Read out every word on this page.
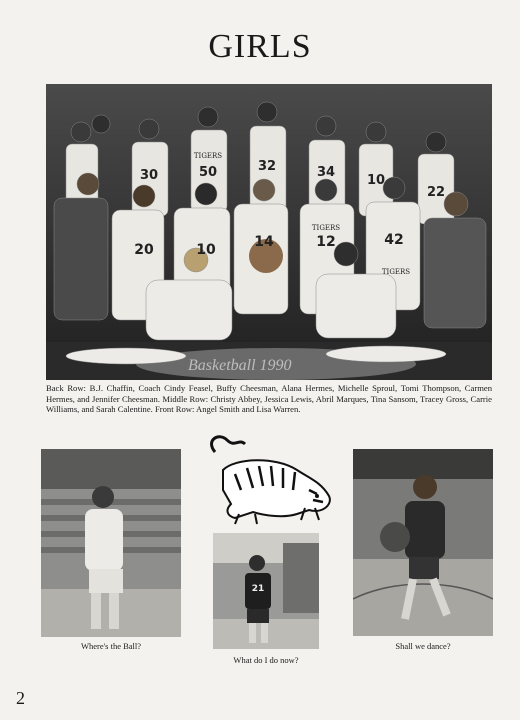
GIRLS
30	50	32	34
10
22
20	10	14	12	42
TIGERS
TIGERS
TIGERS
Basketball 1990
Back Row: B.J. Chaffin, Coach Cindy Feasel, Buffy Cheesman, Alana Hermes, Michelle Sproul, Tomi Thompson, Carmen Hermes, and Jennifer Cheesman. Middle Row: Christy Abbey, Jessica Lewis, Abril Marques, Tina Sansom, Tracey Gross, Carrie Williams, and Sarah Calentine. Front Row: Angel Smith and Lisa Warren.
21
Where's the Ball?
What do I do now?
Shall we dance?
2
